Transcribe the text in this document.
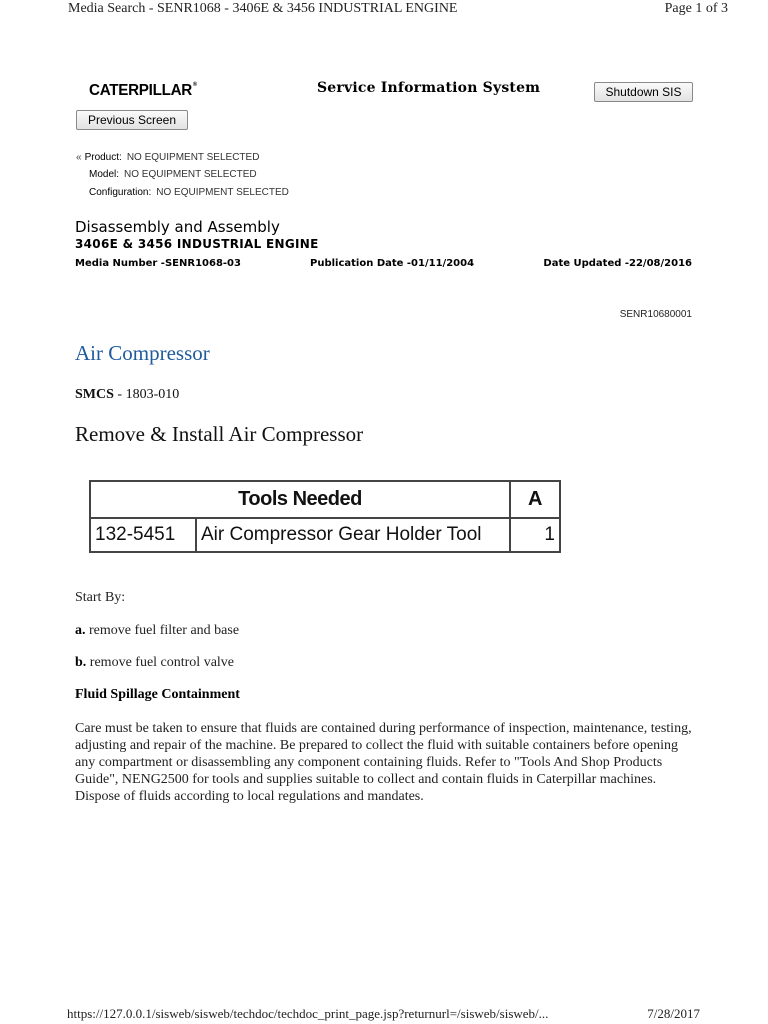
Media Search - SENR1068 - 3406E & 3456 INDUSTRIAL ENGINE	Page 1 of 3
CATERPILLAR®	Service Information System	Shutdown SIS
Previous Screen
« Product: NO EQUIPMENT SELECTED
Model: NO EQUIPMENT SELECTED
Configuration: NO EQUIPMENT SELECTED
Disassembly and Assembly
3406E & 3456 INDUSTRIAL ENGINE
Media Number -SENR1068-03	Publication Date -01/11/2004	Date Updated -22/08/2016
SENR10680001
Air Compressor
SMCS - 1803-010
Remove & Install Air Compressor
Tools Needed		A
132-5451	Air Compressor Gear Holder Tool	1
Start By:
a. remove fuel filter and base
b. remove fuel control valve
Fluid Spillage Containment
Care must be taken to ensure that fluids are contained during performance of inspection, maintenance, testing, adjusting and repair of the machine. Be prepared to collect the fluid with suitable containers before opening any compartment or disassembling any component containing fluids. Refer to "Tools And Shop Products Guide", NENG2500 for tools and supplies suitable to collect and contain fluids in Caterpillar machines. Dispose of fluids according to local regulations and mandates.
https://127.0.0.1/sisweb/sisweb/techdoc/techdoc_print_page.jsp?returnurl=/sisweb/sisweb/...	7/28/2017
